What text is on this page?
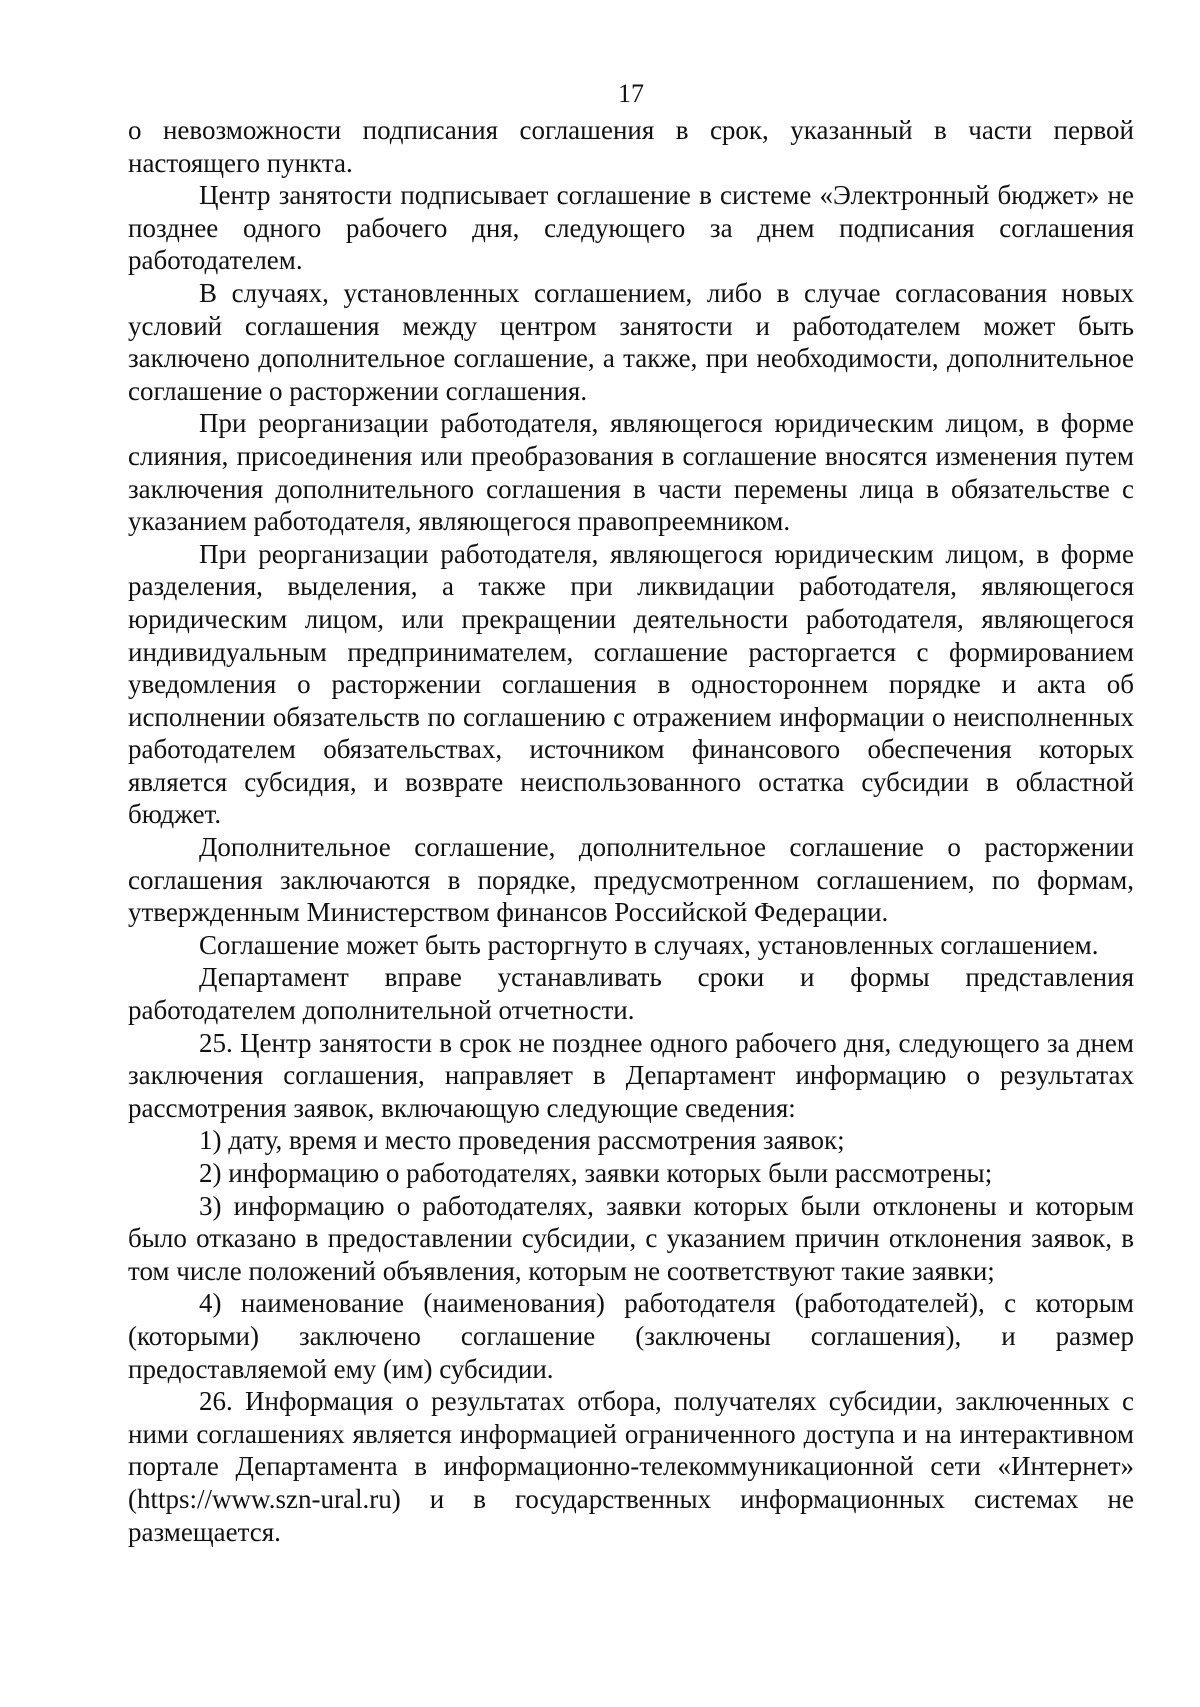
17

о невозможности подписания соглашения в срок, указанный в части первой настоящего пункта.

Центр занятости подписывает соглашение в системе «Электронный бюджет» не позднее одного рабочего дня, следующего за днем подписания соглашения работодателем.

В случаях, установленных соглашением, либо в случае согласования новых условий соглашения между центром занятости и работодателем может быть заключено дополнительное соглашение, а также, при необходимости, дополнительное соглашение о расторжении соглашения.

При реорганизации работодателя, являющегося юридическим лицом, в форме слияния, присоединения или преобразования в соглашение вносятся изменения путем заключения дополнительного соглашения в части перемены лица в обязательстве с указанием работодателя, являющегося правопреемником.

При реорганизации работодателя, являющегося юридическим лицом, в форме разделения, выделения, а также при ликвидации работодателя, являющегося юридическим лицом, или прекращении деятельности работодателя, являющегося индивидуальным предпринимателем, соглашение расторгается с формированием уведомления о расторжении соглашения в одностороннем порядке и акта об исполнении обязательств по соглашению с отражением информации о неисполненных работодателем обязательствах, источником финансового обеспечения которых является субсидия, и возврате неиспользованного остатка субсидии в областной бюджет.

Дополнительное соглашение, дополнительное соглашение о расторжении соглашения заключаются в порядке, предусмотренном соглашением, по формам, утвержденным Министерством финансов Российской Федерации.

Соглашение может быть расторгнуто в случаях, установленных соглашением.

Департамент вправе устанавливать сроки и формы представления работодателем дополнительной отчетности.

25. Центр занятости в срок не позднее одного рабочего дня, следующего за днем заключения соглашения, направляет в Департамент информацию о результатах рассмотрения заявок, включающую следующие сведения:

1) дату, время и место проведения рассмотрения заявок;

2) информацию о работодателях, заявки которых были рассмотрены;

3) информацию о работодателях, заявки которых были отклонены и которым было отказано в предоставлении субсидии, с указанием причин отклонения заявок, в том числе положений объявления, которым не соответствуют такие заявки;

4) наименование (наименования) работодателя (работодателей), с которым (которыми) заключено соглашение (заключены соглашения), и размер предоставляемой ему (им) субсидии.

26. Информация о результатах отбора, получателях субсидии, заключенных с ними соглашениях является информацией ограниченного доступа и на интерактивном портале Департамента в информационно-телекоммуникационной сети «Интернет» (https://www.szn-ural.ru) и в государственных информационных системах не размещается.
